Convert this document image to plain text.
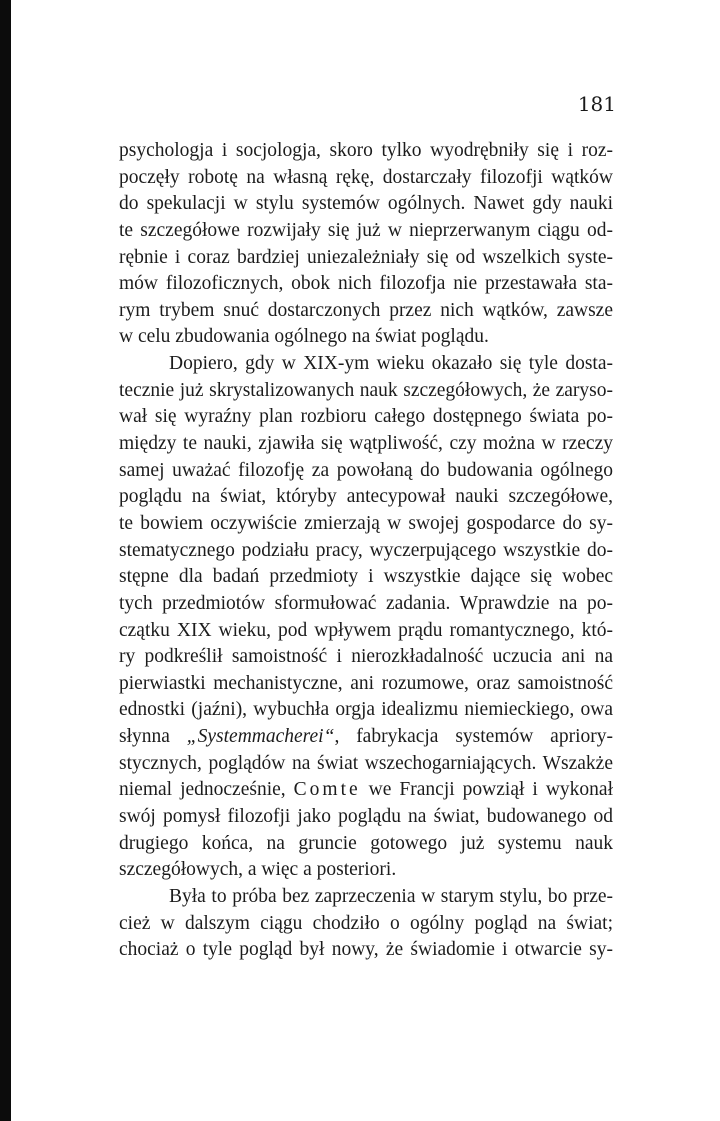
181
psychologja i socjologja, skoro tylko wyodrębniły się i roz-
poczęły robotę na własną rękę, dostarczały filozofji wątków
do spekulacji w stylu systemów ogólnych. Nawet gdy nauki
te szczegółowe rozwijały się już w nieprzerwanym ciągu od-
rębnie i coraz bardziej uniezależniały się od wszelkich syste-
mów filozoficznych, obok nich filozofja nie przestawała sta-
rym trybem snuć dostarczonych przez nich wątków, zawsze
w celu zbudowania ogólnego na świat poglądu.
Dopiero, gdy w XIX-ym wieku okazało się tyle dosta-
tecznie już skrystalizowanych nauk szczegółowych, że zaryso-
wał się wyraźny plan rozbioru całego dostępnego świata po-
między te nauki, zjawiła się wątpliwość, czy można w rzeczy
samej uważać filozofję za powołaną do budowania ogólnego
poglądu na świat, któryby antecypował nauki szczegółowe,
te bowiem oczywiście zmierzają w swojej gospodarce do sy-
stematycznego podziału pracy, wyczerpującego wszystkie do-
stępne dla badań przedmioty i wszystkie dające się wobec
tych przedmiotów sformułować zadania. Wprawdzie na po-
czątku XIX wieku, pod wpływem prądu romantycznego, któ-
ry podkreślił samoistność i nierozkładalność uczucia ani na
pierwiastki mechanistyczne, ani rozumowe, oraz samoistność
ednostki (jaźni), wybuchła orgja idealizmu niemieckiego, owa
słynna „Systemmacherei“, fabrykacja systemów apriory-
stycznych, poglądów na świat wszechogarniających. Wszakże
niemal jednocześnie, Comte we Francji powziął i wykonał
swój pomysł filozofji jako poglądu na świat, budowanego od
drugiego końca, na gruncie gotowego już systemu nauk
szczegółowych, a więc a posteriori.
Była to próba bez zaprzeczenia w starym stylu, bo prze-
cież w dalszym ciągu chodziło o ogólny pogląd na świat;
chociaż o tyle pogląd był nowy, że świadomie i otwarcie sy-
